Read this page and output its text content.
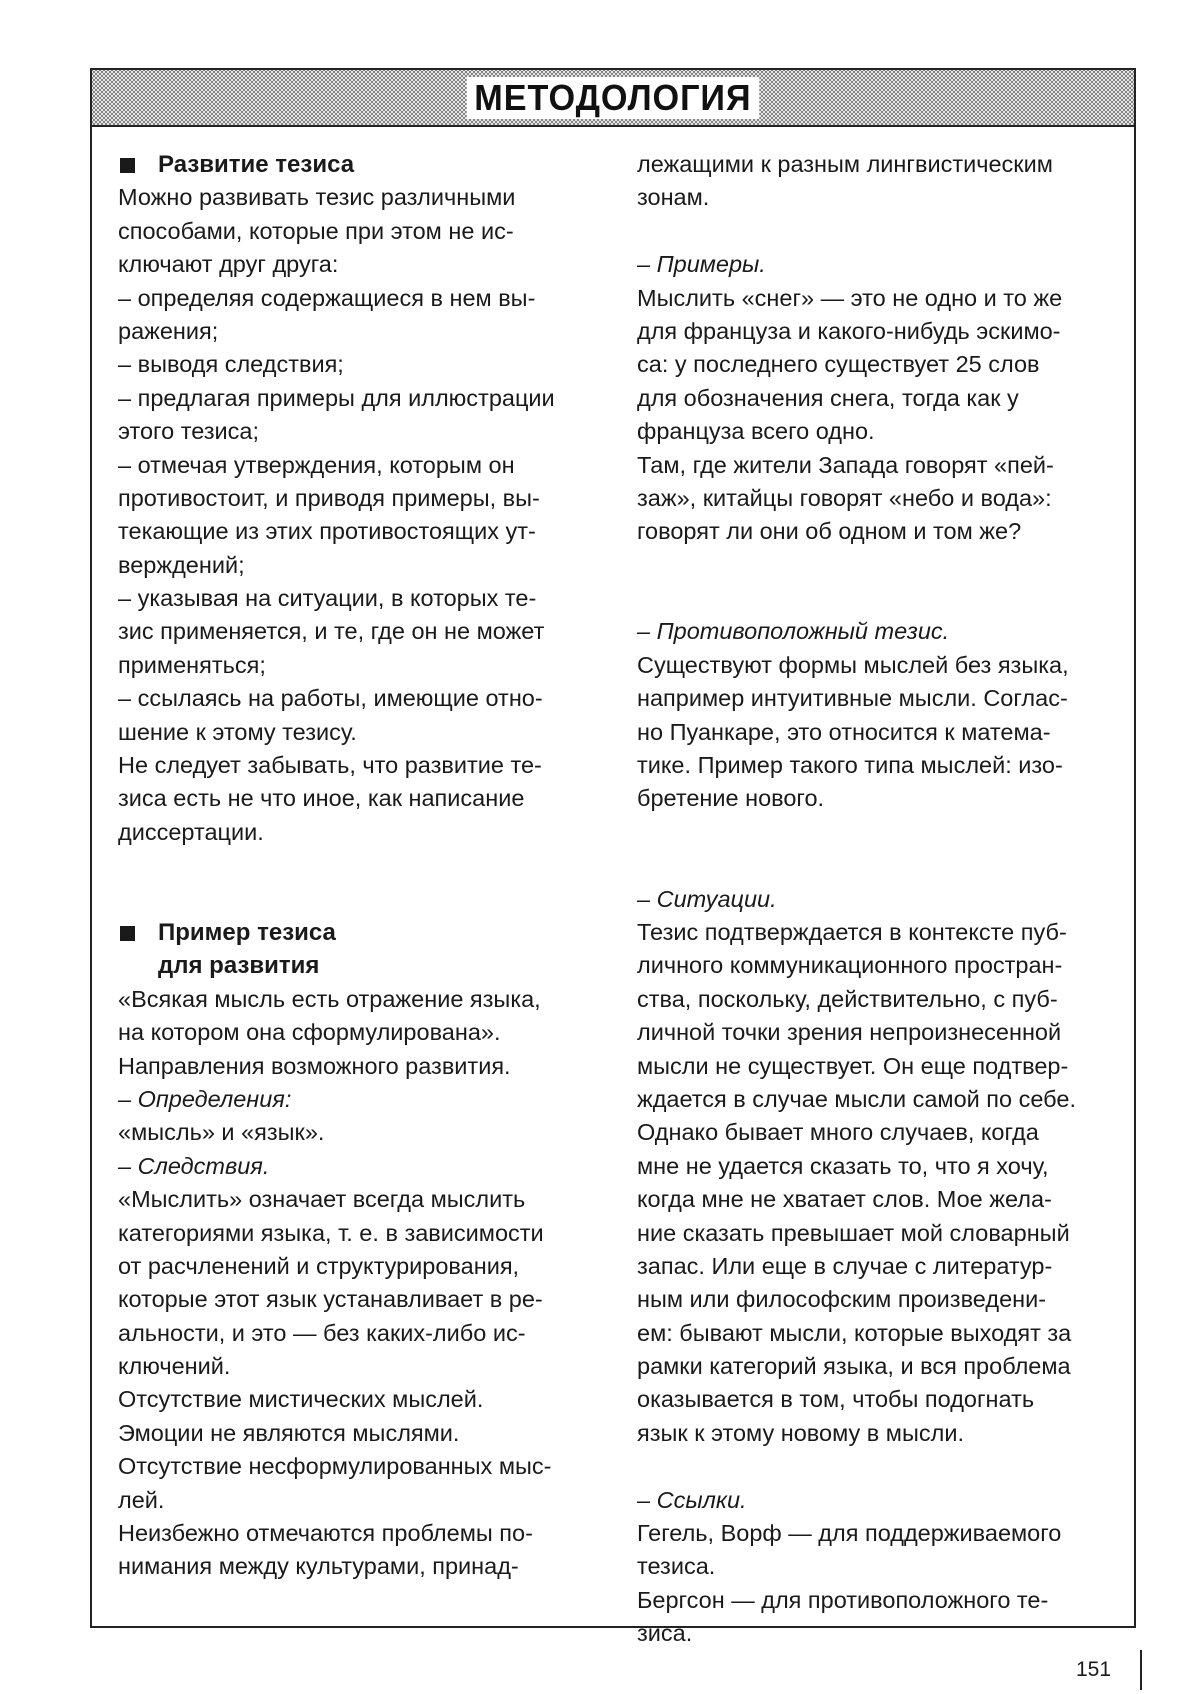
МЕТОДОЛОГИЯ
Развитие тезиса
Можно развивать тезис различными
способами, которые при этом не ис-
ключают друг друга:
– определяя содержащиеся в нем вы-
ражения;
– выводя следствия;
– предлагая примеры для иллюстрации
этого тезиса;
– отмечая утверждения, которым он
противостоит, и приводя примеры, вы-
текающие из этих противостоящих ут-
верждений;
– указывая на ситуации, в которых те-
зис применяется, и те, где он не может
применяться;
– ссылаясь на работы, имеющие отно-
шение к этому тезису.
Не следует забывать, что развитие те-
зиса есть не что иное, как написание
диссертации.
Пример тезиса
для развития
«Всякая мысль есть отражение языка,
на котором она сформулирована».
Направления возможного развития.
– Определения:
«мысль» и «язык».
– Следствия.
«Мыслить» означает всегда мыслить
категориями языка, т. е. в зависимости
от расчленений и структурирования,
которые этот язык устанавливает в ре-
альности, и это — без каких-либо ис-
ключений.
Отсутствие мистических мыслей.
Эмоции не являются мыслями.
Отсутствие несформулированных мыс-
лей.
Неизбежно отмечаются проблемы по-
нимания между культурами, принад-
лежащими к разным лингвистическим
зонам.
– Примеры.
Мыслить «снег» — это не одно и то же
для француза и какого-нибудь эскимо-
са: у последнего существует 25 слов
для обозначения снега, тогда как у
француза всего одно.
Там, где жители Запада говорят «пей-
заж», китайцы говорят «небо и вода»:
говорят ли они об одном и том же?
– Противоположный тезис.
Существуют формы мыслей без языка,
например интуитивные мысли. Соглас-
но Пуанкаре, это относится к матема-
тике. Пример такого типа мыслей: изо-
бретение нового.
– Ситуации.
Тезис подтверждается в контексте пуб-
личного коммуникационного простран-
ства, поскольку, действительно, с пуб-
личной точки зрения непроизнесенной
мысли не существует. Он еще подтвер-
ждается в случае мысли самой по себе.
Однако бывает много случаев, когда
мне не удается сказать то, что я хочу,
когда мне не хватает слов. Мое жела-
ние сказать превышает мой словарный
запас. Или еще в случае с литератур-
ным или философским произведени-
ем: бывают мысли, которые выходят за
рамки категорий языка, и вся проблема
оказывается в том, чтобы подогнать
язык к этому новому в мысли.
– Ссылки.
Гегель, Ворф — для поддерживаемого
тезиса.
Бергсон — для противоположного те-
зиса.
151
